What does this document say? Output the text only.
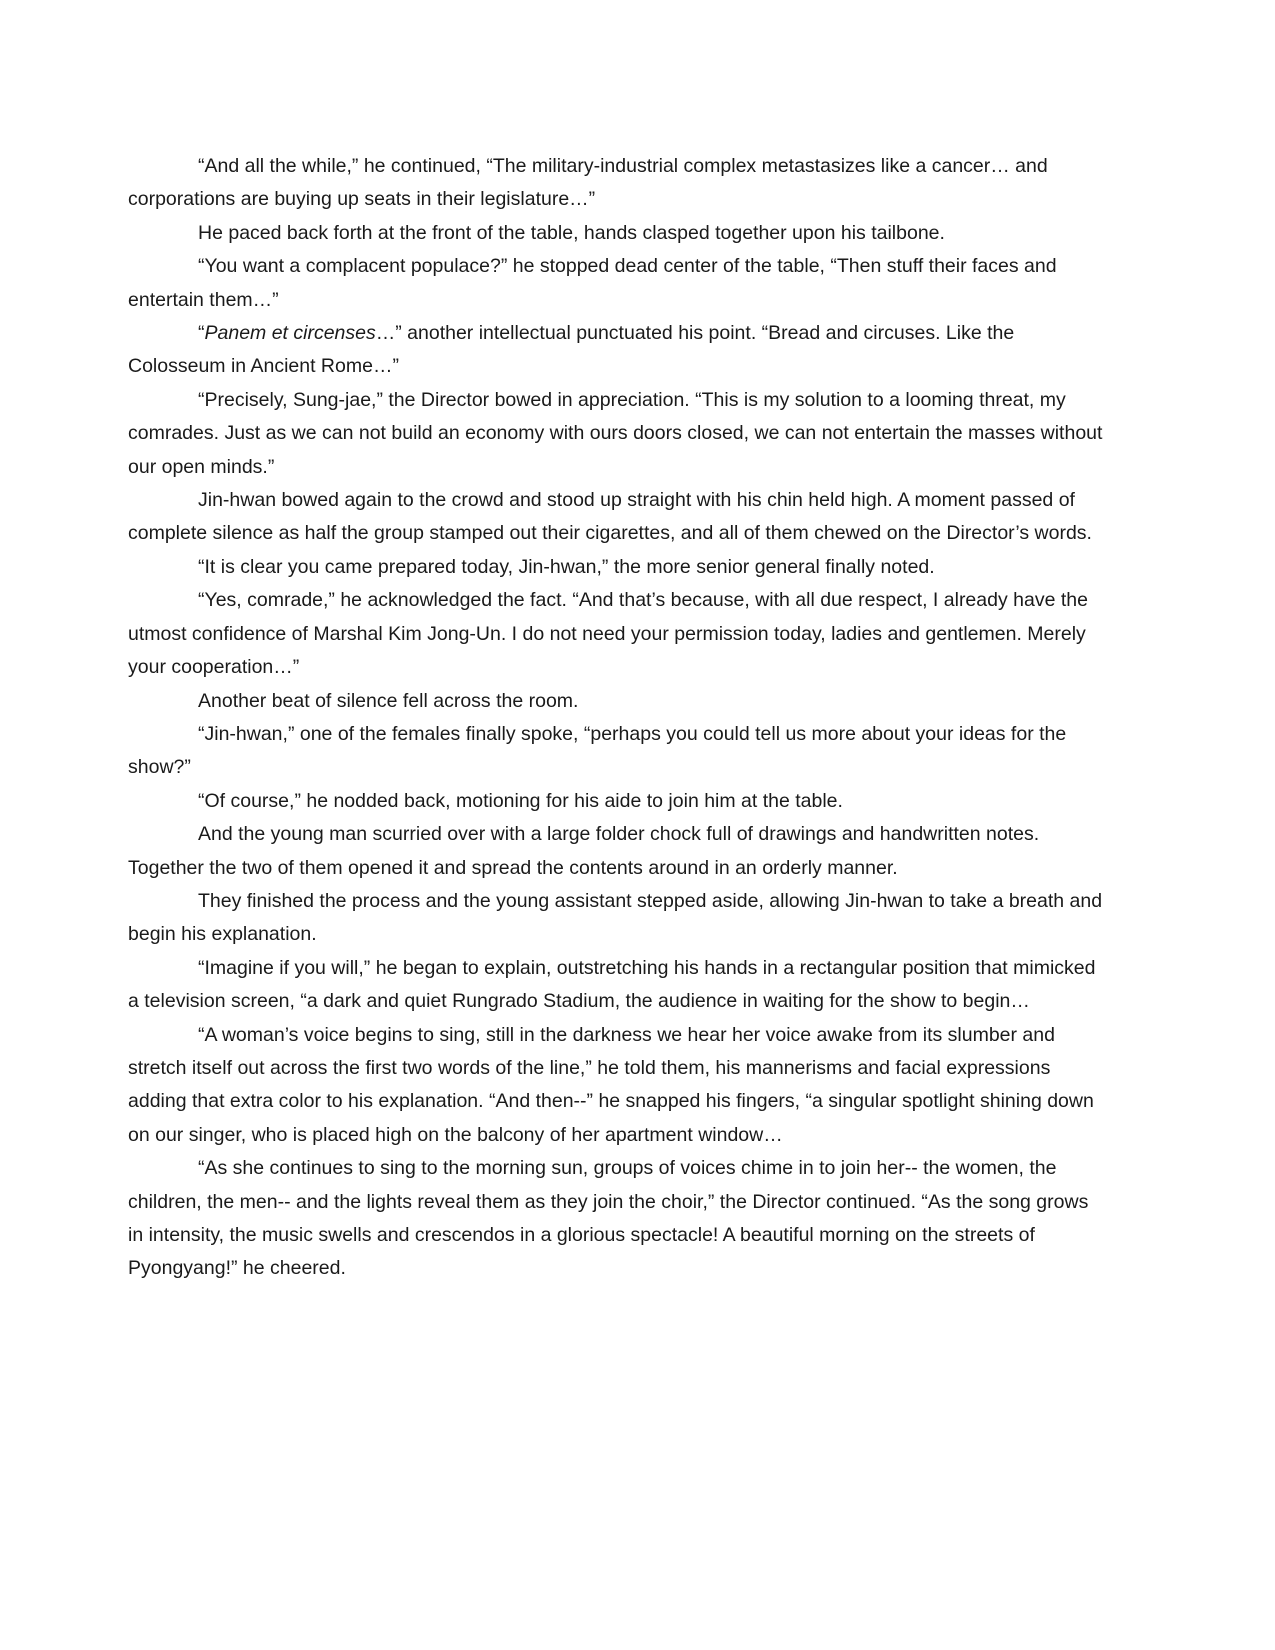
“And all the while,” he continued, “The military-industrial complex metastasizes like a cancer… and corporations are buying up seats in their legislature…”

He paced back forth at the front of the table, hands clasped together upon his tailbone.

“You want a complacent populace?” he stopped dead center of the table, “Then stuff their faces and entertain them…”

“Panem et circenses…” another intellectual punctuated his point. “Bread and circuses. Like the Colosseum in Ancient Rome…”

“Precisely, Sung-jae,” the Director bowed in appreciation. “This is my solution to a looming threat, my comrades. Just as we can not build an economy with ours doors closed, we can not entertain the masses without our open minds.”

Jin-hwan bowed again to the crowd and stood up straight with his chin held high. A moment passed of complete silence as half the group stamped out their cigarettes, and all of them chewed on the Director’s words.

“It is clear you came prepared today, Jin-hwan,” the more senior general finally noted.

“Yes, comrade,” he acknowledged the fact. “And that’s because, with all due respect, I already have the utmost confidence of Marshal Kim Jong-Un. I do not need your permission today, ladies and gentlemen. Merely your cooperation…”

Another beat of silence fell across the room.

“Jin-hwan,” one of the females finally spoke, “perhaps you could tell us more about your ideas for the show?”

“Of course,” he nodded back, motioning for his aide to join him at the table.

And the young man scurried over with a large folder chock full of drawings and handwritten notes. Together the two of them opened it and spread the contents around in an orderly manner.

They finished the process and the young assistant stepped aside, allowing Jin-hwan to take a breath and begin his explanation.

“Imagine if you will,” he began to explain, outstretching his hands in a rectangular position that mimicked a television screen, “a dark and quiet Rungrado Stadium, the audience in waiting for the show to begin…

“A woman’s voice begins to sing, still in the darkness we hear her voice awake from its slumber and stretch itself out across the first two words of the line,” he told them, his mannerisms and facial expressions adding that extra color to his explanation. “And then--” he snapped his fingers, “a singular spotlight shining down on our singer, who is placed high on the balcony of her apartment window…

“As she continues to sing to the morning sun, groups of voices chime in to join her-- the women, the children, the men-- and the lights reveal them as they join the choir,” the Director continued. “As the song grows in intensity, the music swells and crescendos in a glorious spectacle! A beautiful morning on the streets of Pyongyang!” he cheered.
